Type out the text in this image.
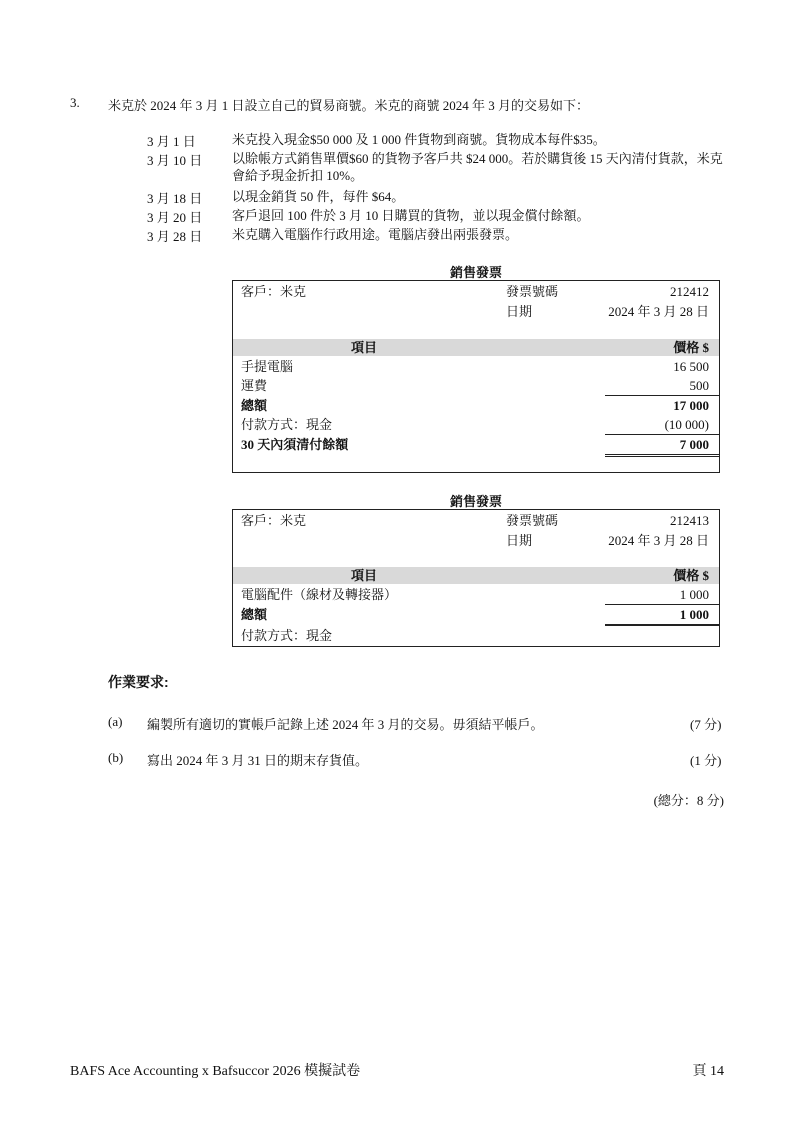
3. 米克於 2024 年 3 月 1 日設立自己的貿易商號。米克的商號 2024 年 3 月的交易如下：
3 月 1 日	米克投入現金$50 000 及 1 000 件貨物到商號。貨物成本每件$35。
3 月 10 日	以賒帳方式銷售單價$60 的貨物予客戶共 $24 000。若於購貨後 15 天內清付貨款，米克會給予現金折扣 10%。
3 月 18 日	以現金銷貨 50 件，每件 $64。
3 月 20 日	客戶退回 100 件於 3 月 10 日購買的貨物，並以現金償付餘額。
3 月 28 日	米克購入電腦作行政用途。電腦店發出兩張發票。
銷售發票
客戶：米克	發票號碼	212412
日期	2024 年 3 月 28 日
項目	價格 $
手提電腦	16 500
運費	500
總額	17 000
付款方式：現金	(10 000)
30 天內須清付餘額	7 000
銷售發票
客戶：米克	發票號碼	212413
日期	2024 年 3 月 28 日
項目	價格 $
電腦配件（線材及轉接器）	1 000
總額	1 000
付款方式：現金
作業要求:
(a) 編製所有適切的實帳戶記錄上述 2024 年 3 月的交易。毋須結平帳戶。	(7 分)
(b) 寫出 2024 年 3 月 31 日的期末存貨值。	(1 分)
(總分：8 分)
BAFS Ace Accounting x Bafsuccor 2026 模擬試卷	頁 14
